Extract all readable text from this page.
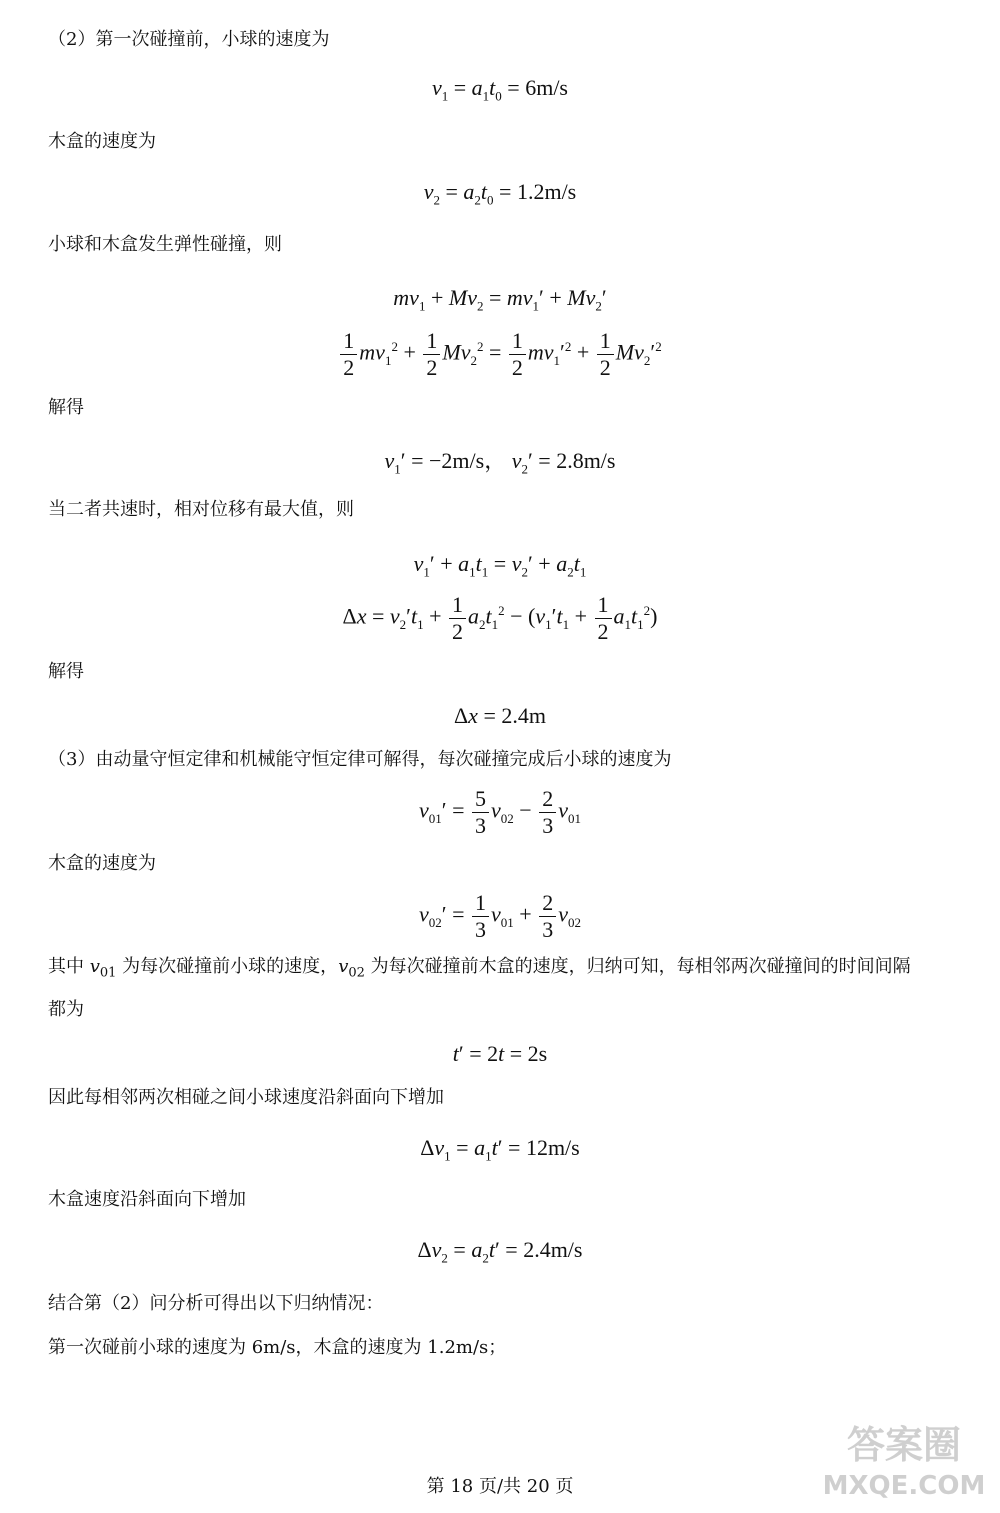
（2）第一次碰撞前，小球的速度为
$v_1 = a_1t_0 = 6m/s$
木盒的速度为
$v_2 = a_2t_0 = 1.2m/s$
小球和木盒发生弹性碰撞，则
$mv_1 + Mv_2 = mv_1' + Mv_2'$
$\frac{1}{2} mv_1^2 + \frac{1}{2} Mv_2^2 = \frac{1}{2} mv_1'^2 + \frac{1}{2} Mv_2'^2$
解得
$v_1' = -2m/s$， $v_2' = 2.8m/s$
当二者共速时，相对位移有最大值，则
$v_1' + a_1t_1 = v_2' + a_2t_1$
$\Delta x = v_2't_1 + \frac{1}{2} a_2t_1^2 - (v_1't_1 + \frac{1}{2} a_1t_1^2)$
解得
Δx = 2.4m
（3）由动量守恒定律和机械能守恒定律可解得，每次碰撞完成后小球的速度为
$v_{01}' = \frac{5}{3} v_{02} - \frac{2}{3} v_{01}$
木盒的速度为
$v_{02}' = \frac{1}{3} v_{01} + \frac{2}{3} v_{02}$
其中 $v_{01}$ 为每次碰撞前小球的速度，$v_{02}$ 为每次碰撞前木盒的速度，归纳可知，每相邻两次碰撞间的时间间隔
都为
t′ = 2t = 2s
因此每相邻两次相碰之间小球速度沿斜面向下增加
$\Delta v_1 = a_1t' = 12m/s$
木盒速度沿斜面向下增加
$\Delta v_2 = a_2t' = 2.4m/s$
结合第（2）问分析可得出以下归纳情况：
第一次碰前小球的速度为 6m/s，木盒的速度为 1.2m/s；
第 18 页/共 20 页
答案圈
MXQE.COM
